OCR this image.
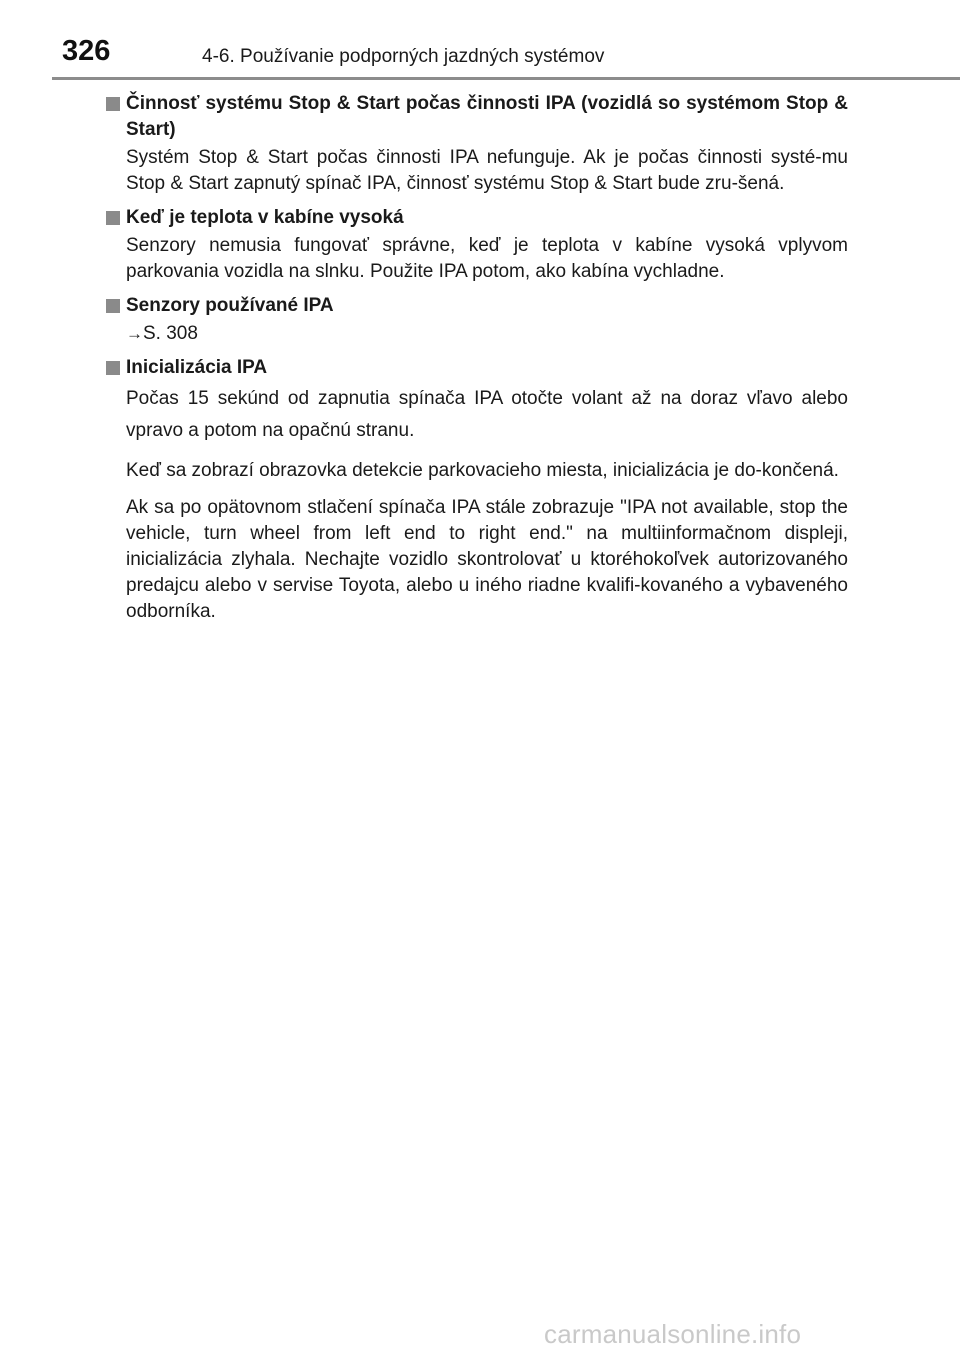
326	4-6. Používanie podporných jazdných systémov
Činnosť systému Stop & Start počas činnosti IPA (vozidlá so systémom Stop & Start)

Systém Stop & Start počas činnosti IPA nefunguje. Ak je počas činnosti systé-mu Stop & Start zapnutý spínač IPA, činnosť systému Stop & Start bude zru-šená.

Keď je teplota v kabíne vysoká

Senzory nemusia fungovať správne, keď je teplota v kabíne vysoká vplyvom parkovania vozidla na slnku. Použite IPA potom, ako kabína vychladne.

Senzory používané IPA
→S. 308
Inicializácia IPA

Počas 15 sekúnd od zapnutia spínača IPA otočte volant až na doraz vľavo alebo vpravo a potom na opačnú stranu.

Keď sa zobrazí obrazovka detekcie parkovacieho miesta, inicializácia je do-končená.

Ak sa po opätovnom stlačení spínača IPA stále zobrazuje "IPA not available, stop the vehicle, turn wheel from left end to right end." na multiinformačnom displeji, inicializácia zlyhala. Nechajte vozidlo skontrolovať u ktoréhokoľvek autorizovaného predajcu alebo v servise Toyota, alebo u iného riadne kvalifi-kovaného a vybaveného odborníka.

carmanualsonline.info
